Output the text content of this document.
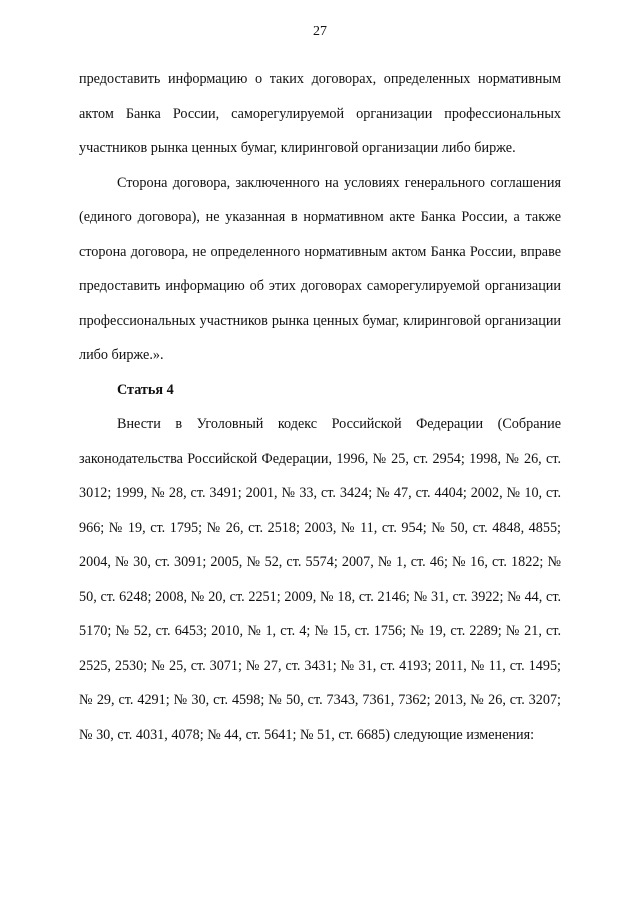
27

предоставить информацию о таких договорах, определенных нормативным актом Банка России, саморегулируемой организации профессиональных участников рынка ценных бумаг, клиринговой организации либо бирже.

Сторона договора, заключенного на условиях генерального соглашения (единого договора), не указанная в нормативном акте Банка России, а также сторона договора, не определенного нормативным актом Банка России, вправе предоставить информацию об этих договорах саморегулируемой организации профессиональных участников рынка ценных бумаг, клиринговой организации либо бирже.».

Статья 4

Внести в Уголовный кодекс Российской Федерации (Собрание законодательства Российской Федерации, 1996, № 25, ст. 2954; 1998, № 26, ст. 3012; 1999, № 28, ст. 3491; 2001, № 33, ст. 3424; № 47, ст. 4404; 2002, № 10, ст. 966; № 19, ст. 1795; № 26, ст. 2518; 2003, № 11, ст. 954; № 50, ст. 4848, 4855; 2004, № 30, ст. 3091; 2005, № 52, ст. 5574; 2007, № 1, ст. 46; № 16, ст. 1822; № 50, ст. 6248; 2008, № 20, ст. 2251; 2009, № 18, ст. 2146; № 31, ст. 3922; № 44, ст. 5170; № 52, ст. 6453; 2010, № 1, ст. 4; № 15, ст. 1756; № 19, ст. 2289; № 21, ст. 2525, 2530; № 25, ст. 3071; № 27, ст. 3431; № 31, ст. 4193; 2011, № 11, ст. 1495; № 29, ст. 4291; № 30, ст. 4598; № 50, ст. 7343, 7361, 7362; 2013, № 26, ст. 3207; № 30, ст. 4031, 4078; № 44, ст. 5641; № 51, ст. 6685) следующие изменения:
